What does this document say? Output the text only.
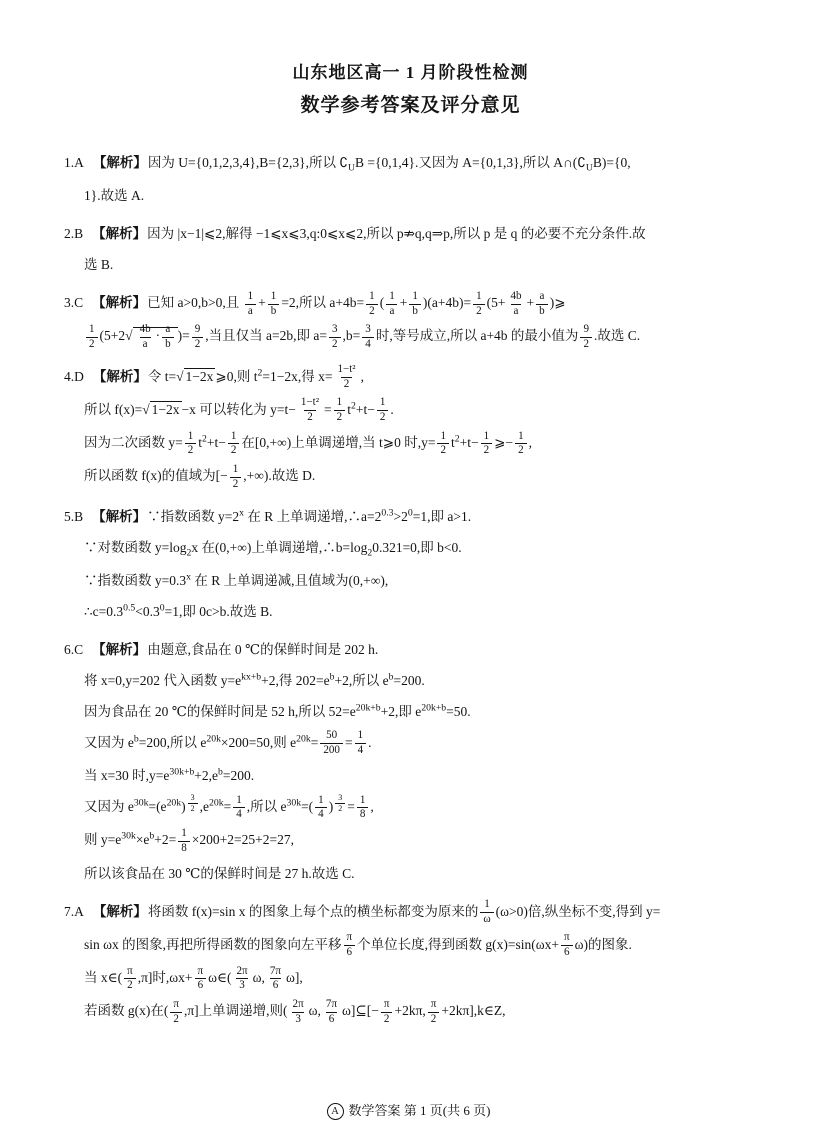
山东地区高一 1 月阶段性检测
数学参考答案及评分意见
1.A 【解析】因为 U={0,1,2,3,4},B={2,3},所以 $∁_UB =\{0,1,4\}$.又因为 A={0,1,3},所以 $A\cap(∁_UB)=\{0$,
1}.故选 A.
2.B 【解析】因为 |x−1|⩽2,解得 −1⩽x⩽3,q:0⩽x⩽2,所以 p⇏q,q⇒p,所以 p 是 q 的必要不充分条件.故
选 B.
3.C 【解析】已知 a>0,b>0,且 $\frac{1}{a} + \frac{1}{b} =2$,所以 $a+4b= \frac{1}{2}$ ( $\frac{1}{a} + \frac{1}{b} )(a+4b)= \frac{1}{2} (5+ \frac{4b}{a} + \frac{a}{b}$ )⩾
$\frac{1}{2} (5+2√ \frac{4b}{a} \cdot \frac{a}{b}$ )= $\frac{9}{2}$ ,当且仅当 a=2b,即 $a= \frac{3}{2} ,b= \frac{3}{4}$ 时,等号成立,所以 a+4b 的最小值为 $\frac{9}{2}$ .故选 C.
4.D 【解析】令 t=√ 1−2x ⩾0,则 $t^2=1-2x$,得 $x= \frac{\text{1−t²}}{2}$ ,
所以 f(x)=√ 1−2x −x 可以转化为 $y=t- \frac{\text{1−t²}}{2} = \frac{1}{2} t^2+t- \frac{1}{2}$ .
因为二次函数 $y= \frac{1}{2} t^2+t- \frac{1}{2}$ 在[0,+∞)上单调递增,当 t⩾0 时$,y= \frac{1}{2} t^2+t- \frac{1}{2}$ ⩾− $\frac{1}{2}$ ,
所以函数 f(x)的值域为[− $\frac{1}{2}$ ,+∞).故选 D.
5.B 【解析】∵指数函数 $y=2^x$ 在 R 上单调递增$,\therefore a=2^{0.3}>2^0=1$,即 a>1.
∵对数函数 $y=\log_2x$ 在(0,+∞)上单调递增$,\therefore b=\log_20.321=0$,即 b<0.
∵指数函数 $y=0.3^x$ 在 R 上单调递减,且值域为(0,+∞),
$\therefore c=0.3^{0.5}<0.3^0=1$,即 0c>b.故选 B.
6.C 【解析】由题意,食品在 0 ℃的保鲜时间是 202 h.
将 x=0,y=202 代入函数 $y=e^{kx+b}+2$,得 $202=e^b+2$,所以 $e^b=200$.
因为食品在 20 ℃的保鲜时间是 52 h,所以 $52=e^{20k+b}+2$,即 $e^{20k+b}=50$.
又因为 $e^b=200$,所以 $e^{20k}\times 200=50$,则 $e^{20k}= \frac{50}{200} = \frac{1}{4}$ .
当 x=30 时$,y=e^{30k+b}+2,e^b=200$.
又因为 $e^{30k}=(e^{20k})$ $^{\frac{3}{2}}$ $,e^{20k}= \frac{1}{4}$ ,所以 $e^{30k}=( \frac{1}{4}$ ) $^{\frac{3}{2}} = \frac{1}{8}$ ,
则 $y=e^{30k}\times e^b+2= \frac{1}{8} \times 200+2=25+2=27$,
所以该食品在 30 ℃的保鲜时间是 27 h.故选 C.
7.A 【解析】将函数 f(x)=sin x 的图象上每个点的横坐标都变为原来的 $\frac{1}{\omega} (\omega>0)$倍,纵坐标不变,得到 y=
sin ωx 的图象,再把所得函数的图象向左平移 $\frac{\pi}{6}$ 个单位长度,得到函数 $g(x)=\sin(\omega x+ \frac{\pi}{6} \omega)$的图象.
当 x∈( $\frac{\pi}{2} ,\pi$]时$,\omega x+ \frac{\pi}{6}$ ω∈( $\frac{2\pi}{3} \omega$, $\frac{7\pi}{6} \omega$],
若函数 g(x)在( $\frac{\pi}{2} ,\pi$]上单调递增,则( $\frac{2\pi}{3} \omega$, $\frac{7\pi}{6}$ ω]⊆[− $\frac{\pi}{2} +2k\pi$, $\frac{\pi}{2}$ +2kπ],k∈Z,
A 数学答案 第 1 页(共 6 页)
